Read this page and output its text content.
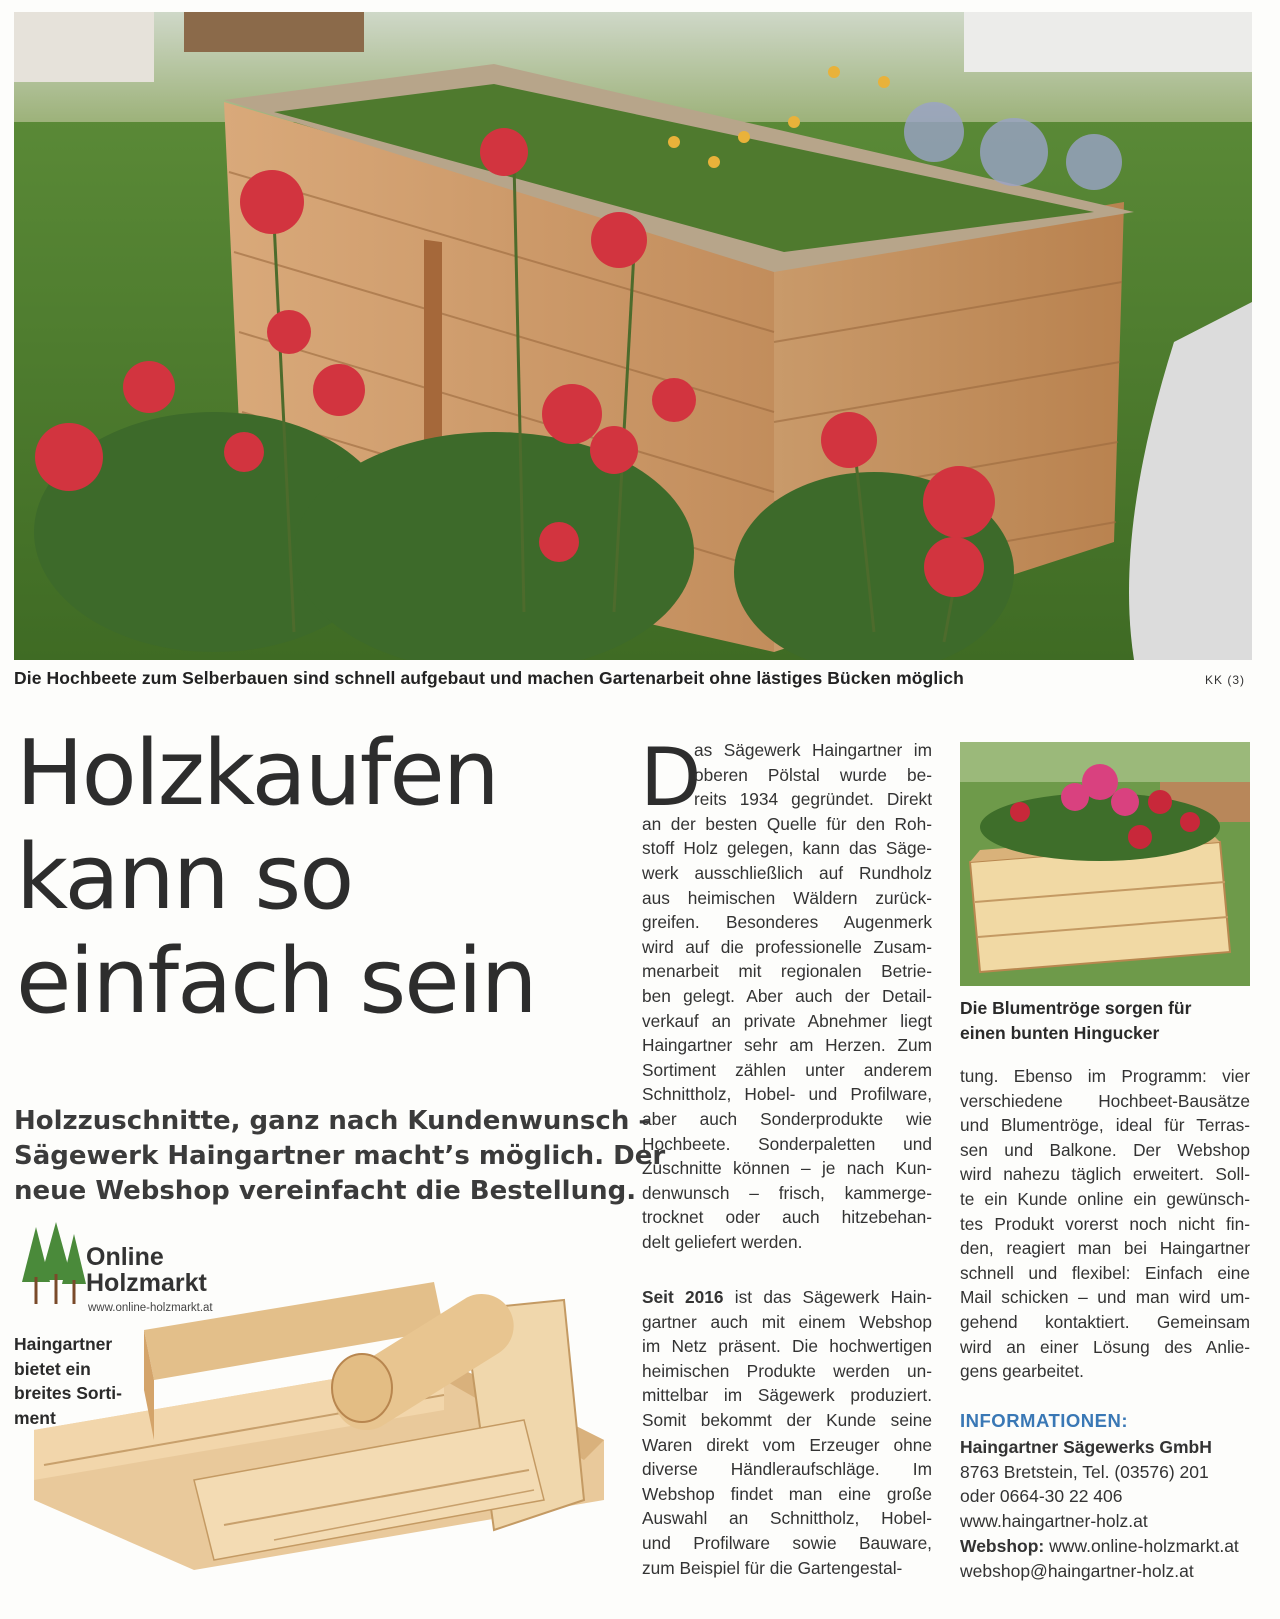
Die Hochbeete zum Selberbauen sind schnell aufgebaut und machen Gartenarbeit ohne lästiges Bücken möglich	KK (3)
Holzkaufen
kann so
einfach sein
Holzzuschnitte, ganz nach Kundenwunsch –
Sägewerk Haingartner macht’s möglich. Der
neue Webshop vereinfacht die Bestellung.
Online
Holzmarkt
www.online-holzmarkt.at
Haingartner
bietet ein
breites Sorti-
ment
D
as Sägewerk Haingartner im
oberen Pölstal wurde be-
reits 1934 gegründet. Direkt
an der besten Quelle für den Roh-
stoff Holz gelegen, kann das Säge-
werk ausschließlich auf Rundholz
aus heimischen Wäldern zurück-
greifen. Besonderes Augenmerk
wird auf die professionelle Zusam-
menarbeit mit regionalen Betrie-
ben gelegt. Aber auch der Detail-
verkauf an private Abnehmer liegt
Haingartner sehr am Herzen. Zum
Sortiment zählen unter anderem
Schnittholz, Hobel- und Profilware,
aber auch Sonderprodukte wie
Hochbeete. Sonderpaletten und
Zuschnitte können – je nach Kun-
denwunsch – frisch, kammerge-
trocknet oder auch hitzebehan-
delt geliefert werden.
Seit 2016 ist das Sägewerk Hain-
gartner auch mit einem Webshop
im Netz präsent. Die hochwertigen
heimischen Produkte werden un-
mittelbar im Sägewerk produziert.
Somit bekommt der Kunde seine
Waren direkt vom Erzeuger ohne
diverse Händleraufschläge. Im
Webshop findet man eine große
Auswahl an Schnittholz, Hobel-
und Profilware sowie Bauware,
zum Beispiel für die Gartengestal-
Die Blumentröge sorgen für
einen bunten Hingucker
tung. Ebenso im Programm: vier
verschiedene Hochbeet-Bausätze
und Blumentröge, ideal für Terras-
sen und Balkone. Der Webshop
wird nahezu täglich erweitert. Soll-
te ein Kunde online ein gewünsch-
tes Produkt vorerst noch nicht fin-
den, reagiert man bei Haingartner
schnell und flexibel: Einfach eine
Mail schicken – und man wird um-
gehend kontaktiert. Gemeinsam
wird an einer Lösung des Anlie-
gens gearbeitet.
INFORMATIONEN:
Haingartner Sägewerks GmbH
8763 Bretstein, Tel. (03576) 201
oder 0664-30 22 406
www.haingartner-holz.at
Webshop: www.online-holzmarkt.at
webshop@haingartner-holz.at
